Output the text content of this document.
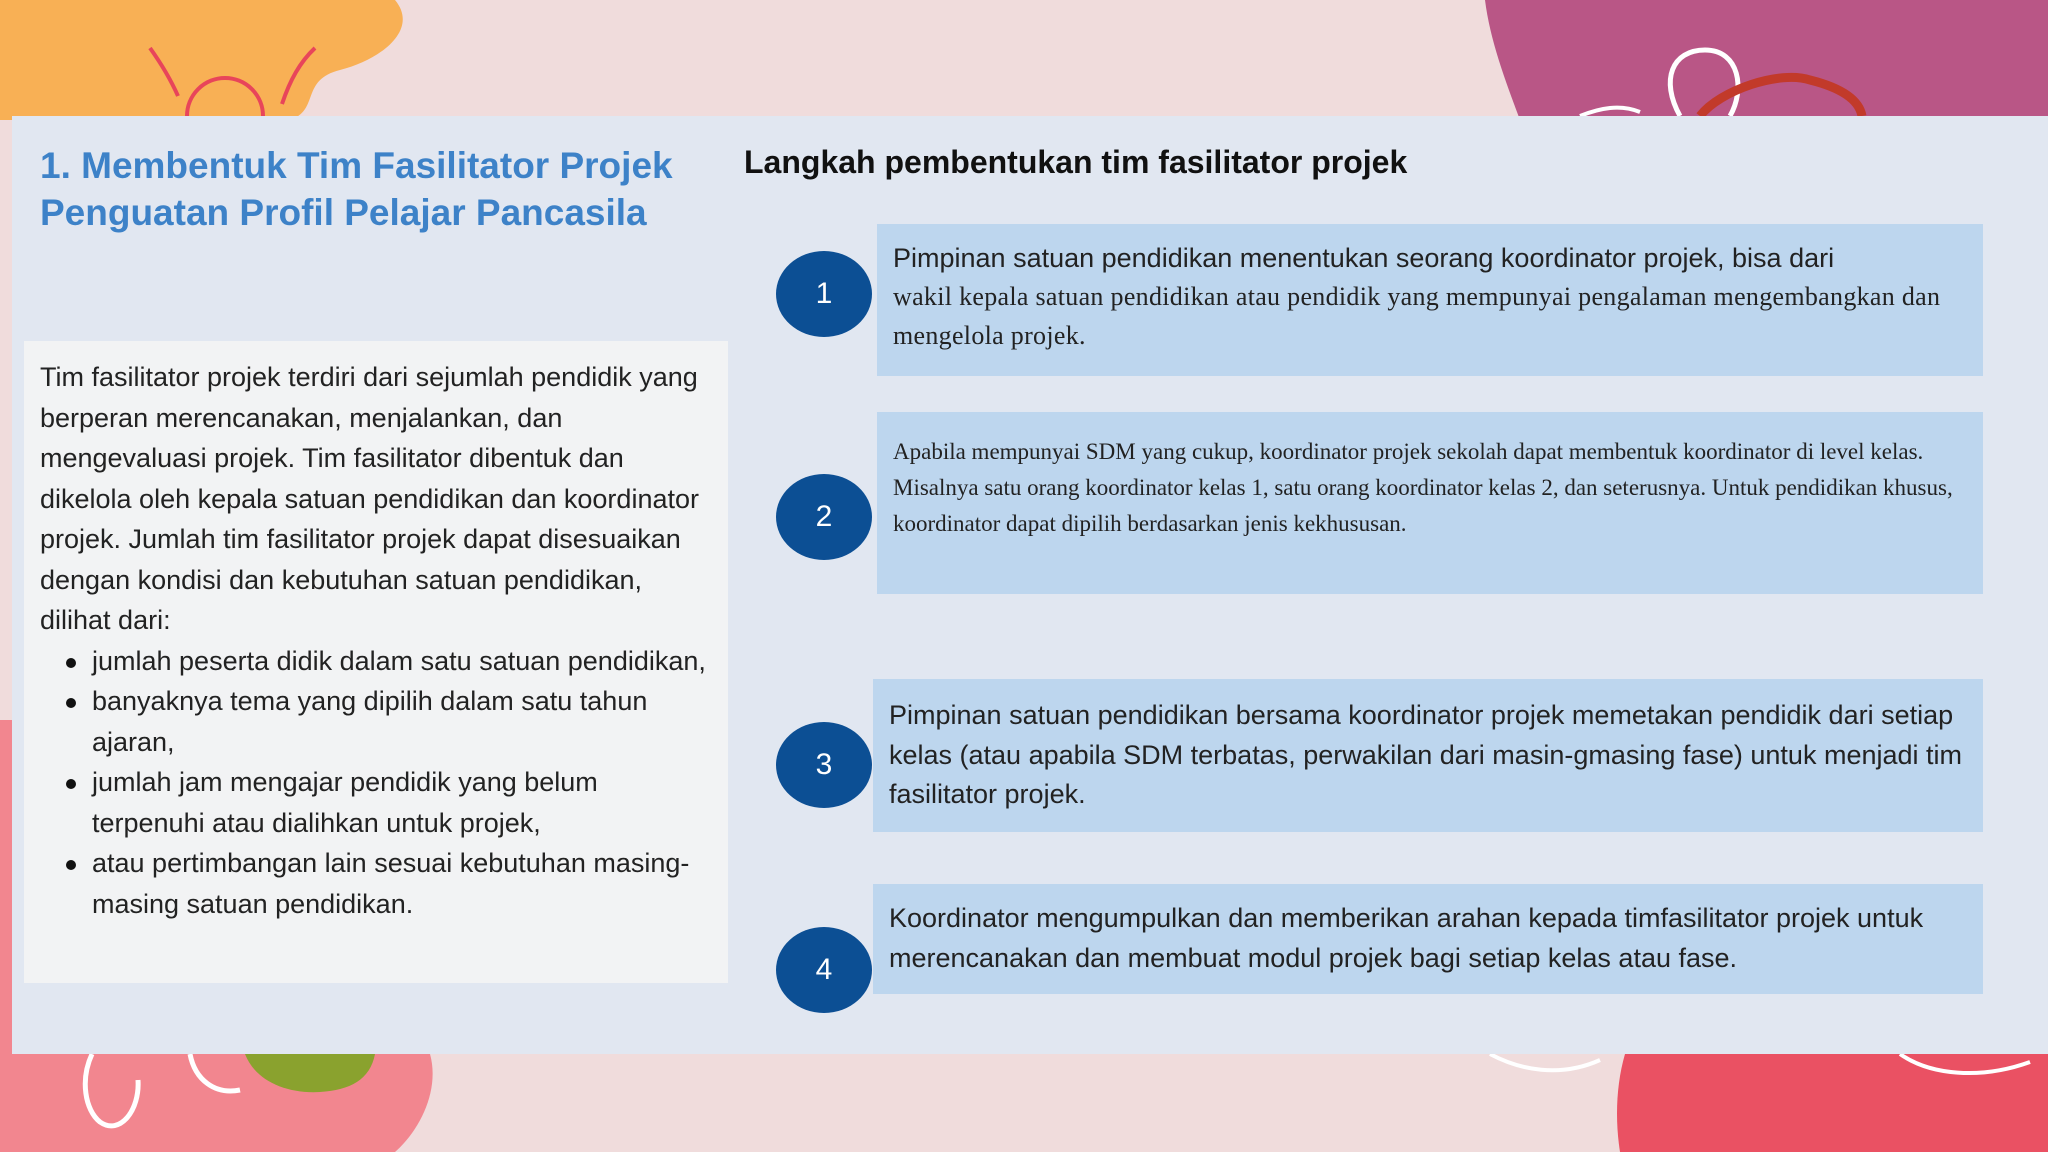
1. Membentuk Tim Fasilitator Projek Penguatan Profil Pelajar Pancasila

Tim fasilitator projek terdiri dari sejumlah pendidik yang berperan merencanakan, menjalankan, dan mengevaluasi projek. Tim fasilitator dibentuk dan dikelola oleh kepala satuan pendidikan dan koordinator projek. Jumlah tim fasilitator projek dapat disesuaikan dengan kondisi dan kebutuhan satuan pendidikan, dilihat dari:

jumlah peserta didik dalam satu satuan pendidikan,
banyaknya tema yang dipilih dalam satu tahun ajaran,
jumlah jam mengajar pendidik yang belum terpenuhi atau dialihkan untuk projek,
atau pertimbangan lain sesuai kebutuhan masing-masing satuan pendidikan.
Langkah pembentukan tim fasilitator projek
Pimpinan satuan pendidikan menentukan seorang koordinator projek, bisa dari
wakil kepala satuan pendidikan atau pendidik yang mempunyai pengalaman mengembangkan dan mengelola projek.
1
Apabila mempunyai SDM yang cukup, koordinator projek sekolah dapat membentuk koordinator di level kelas. Misalnya satu orang koordinator kelas 1, satu orang koordinator kelas 2, dan seterusnya. Untuk pendidikan khusus, koordinator dapat dipilih berdasarkan jenis kekhususan.
2
Pimpinan satuan pendidikan bersama koordinator projek memetakan pendidik dari setiap kelas (atau apabila SDM terbatas, perwakilan dari masin-gmasing fase) untuk menjadi tim fasilitator projek.
3
Koordinator mengumpulkan dan memberikan arahan kepada timfasilitator projek untuk merencanakan dan membuat modul projek bagi setiap kelas atau fase.
4
